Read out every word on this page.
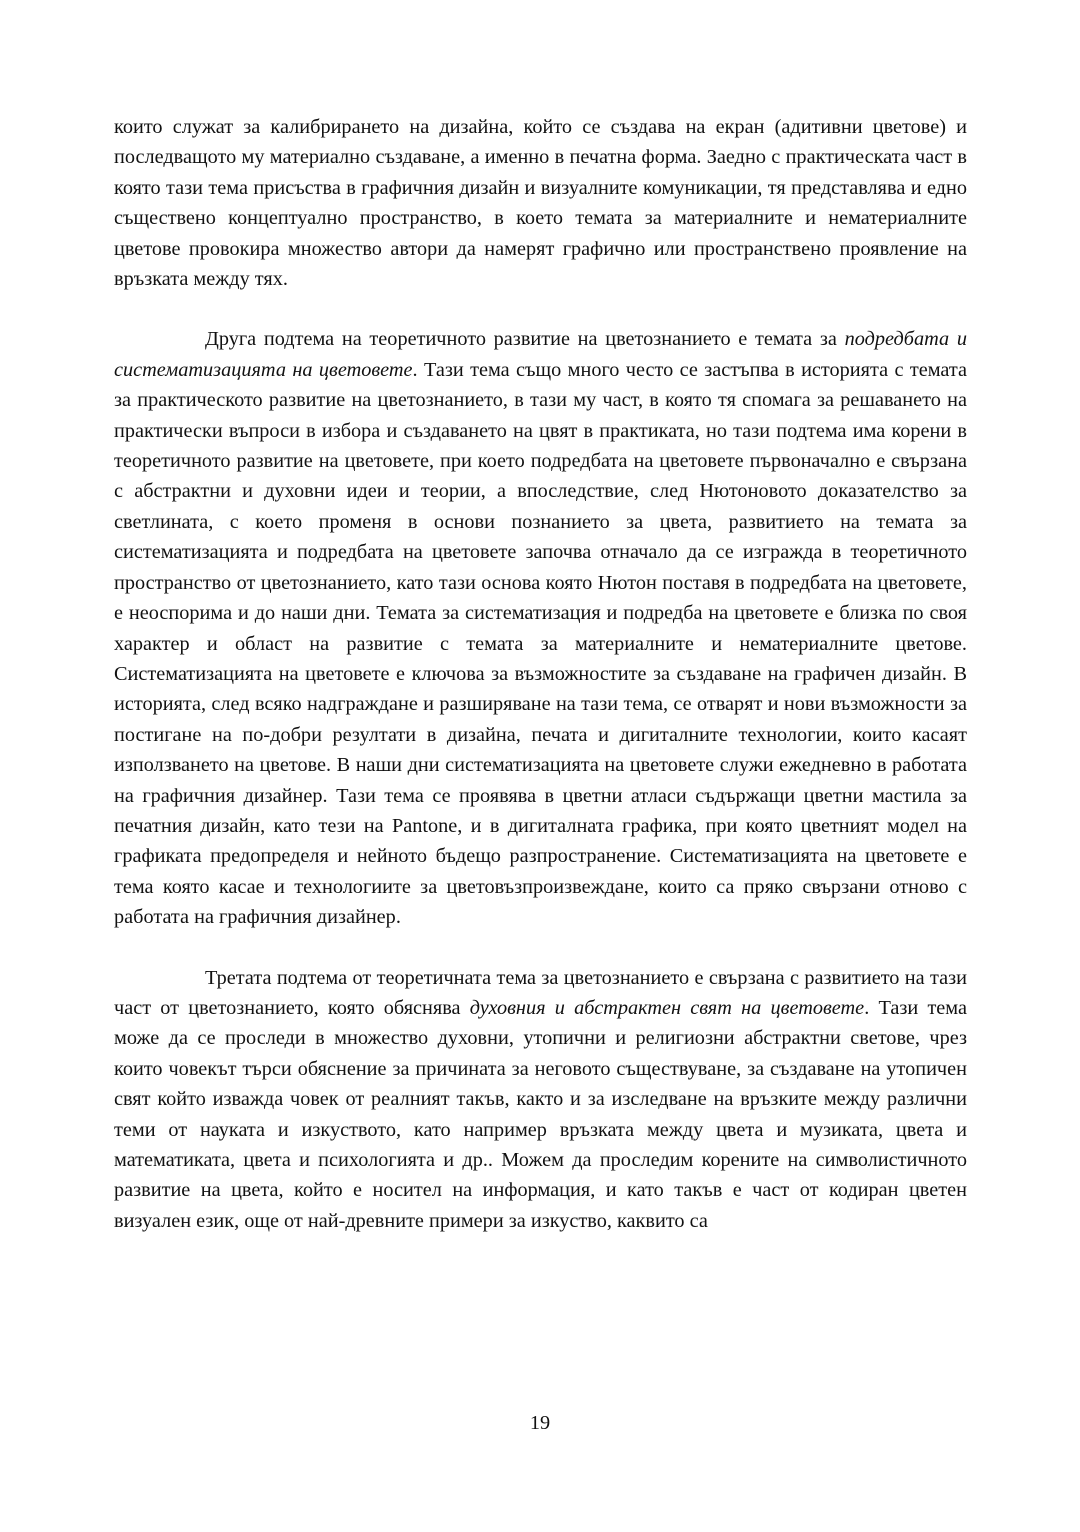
които служат за калибрирането на дизайна, който се създава на екран (адитивни цветове) и последващото му материално създаване, а именно в печатна форма. Заедно с практическата част в която тази тема присъства в графичния дизайн и визуалните комуникации, тя представлява и едно съществено концептуално пространство, в което темата за материалните и нематериалните цветове провокира множество автори да намерят графично или пространствено проявление на връзката между тях.

Друга подтема на теоретичното развитие на цветознанието е темата за подредбата и систематизацията на цветовете. Тази тема също много често се застъпва в историята с темата за практическото развитие на цветознанието, в тази му част, в която тя спомага за решаването на практически въпроси в избора и създаването на цвят в практиката, но тази подтема има корени в теоретичното развитие на цветовете, при което подредбата на цветовете първоначално е свързана с абстрактни и духовни идеи и теории, а впоследствие, след Нютоновото доказателство за светлината, с което променя в основи познанието за цвета, развитието на темата за систематизацията и подредбата на цветовете започва отначало да се изгражда в теоретичното пространство от цветознанието, като тази основа която Нютон поставя в подредбата на цветовете, е неоспорима и до наши дни. Темата за систематизация и подредба на цветовете е близка по своя характер и област на развитие с темата за материалните и нематериалните цветове. Систематизацията на цветовете е ключова за възможностите за създаване на графичен дизайн. В историята, след всяко надграждане и разширяване на тази тема, се отварят и нови възможности за постигане на по-добри резултати в дизайна, печата и дигиталните технологии, които касаят използването на цветове. В наши дни систематизацията на цветовете служи ежедневно в работата на графичния дизайнер. Тази тема се проявява в цветни атласи съдържащи цветни мастила за печатния дизайн, като тези на Pantone, и в дигиталната графика, при която цветният модел на графиката предопределя и нейното бъдещо разпространение. Систематизацията на цветовете е тема която касае и технологиите за цветовъзпроизвеждане, които са пряко свързани отново с работата на графичния дизайнер.

Третата подтема от теоретичната тема за цветознанието е свързана с развитието на тази част от цветознанието, която обяснява духовния и абстрактен свят на цветовете. Тази тема може да се проследи в множество духовни, утопични и религиозни абстрактни светове, чрез които човекът търси обяснение за причината за неговото съществуване, за създаване на утопичен свят който изважда човек от реалният такъв, както и за изследване на връзките между различни теми от науката и изкуството, като например връзката между цвета и музиката, цвета и математиката, цвета и психологията и др.. Можем да проследим корените на символистичното развитие на цвета, който е носител на информация, и като такъв е част от кодиран цветен визуален език, още от най-древните примери за изкуство, каквито са

19
